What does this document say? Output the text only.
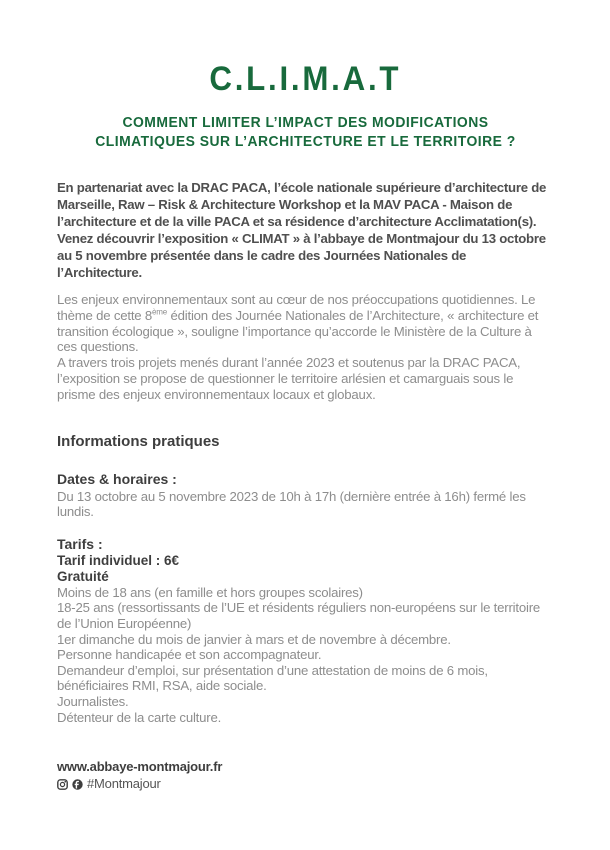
C.L.I.M.A.T
COMMENT LIMITER L’IMPACT DES MODIFICATIONS
CLIMATIQUES SUR L’ARCHITECTURE ET LE TERRITOIRE ?

En partenariat avec la DRAC PACA, l’école nationale supérieure d’architecture de Marseille, Raw – Risk & Architecture Workshop et la MAV PACA - Maison de l’architecture et de la ville PACA et sa résidence d’architecture Acclimatation(s). Venez découvrir l’exposition « CLIMAT » à l’abbaye de Montmajour du 13 octobre au 5 novembre présentée dans le cadre des Journées Nationales de l’Architecture.

Les enjeux environnementaux sont au cœur de nos préoccupations quotidiennes. Le thème de cette 8ème édition des Journée Nationales de l’Architecture, « architecture et transition écologique », souligne l’importance qu’accorde le Ministère de la Culture à ces questions.

A travers trois projets menés durant l’année 2023 et soutenus par la DRAC PACA, l’exposition se propose de questionner le territoire arlésien et camarguais sous le prisme des enjeux environnementaux locaux et globaux.

Informations pratiques
Dates & horaires :

Du 13 octobre au 5 novembre 2023 de 10h à 17h (dernière entrée à 16h) fermé les lundis.

Tarifs :

Tarif individuel : 6€

Gratuité

Moins de 18 ans (en famille et hors groupes scolaires)
18-25 ans (ressortissants de l’UE et résidents réguliers non-européens sur le territoire de l’Union Européenne)
1er dimanche du mois de janvier à mars et de novembre à décembre.
Personne handicapée et son accompagnateur.
Demandeur d’emploi, sur présentation d’une attestation de moins de 6 mois, bénéficiaires RMI, RSA, aide sociale.
Journalistes.
Détenteur de la carte culture.
www.abbaye-montmajour.fr
#Montmajour
